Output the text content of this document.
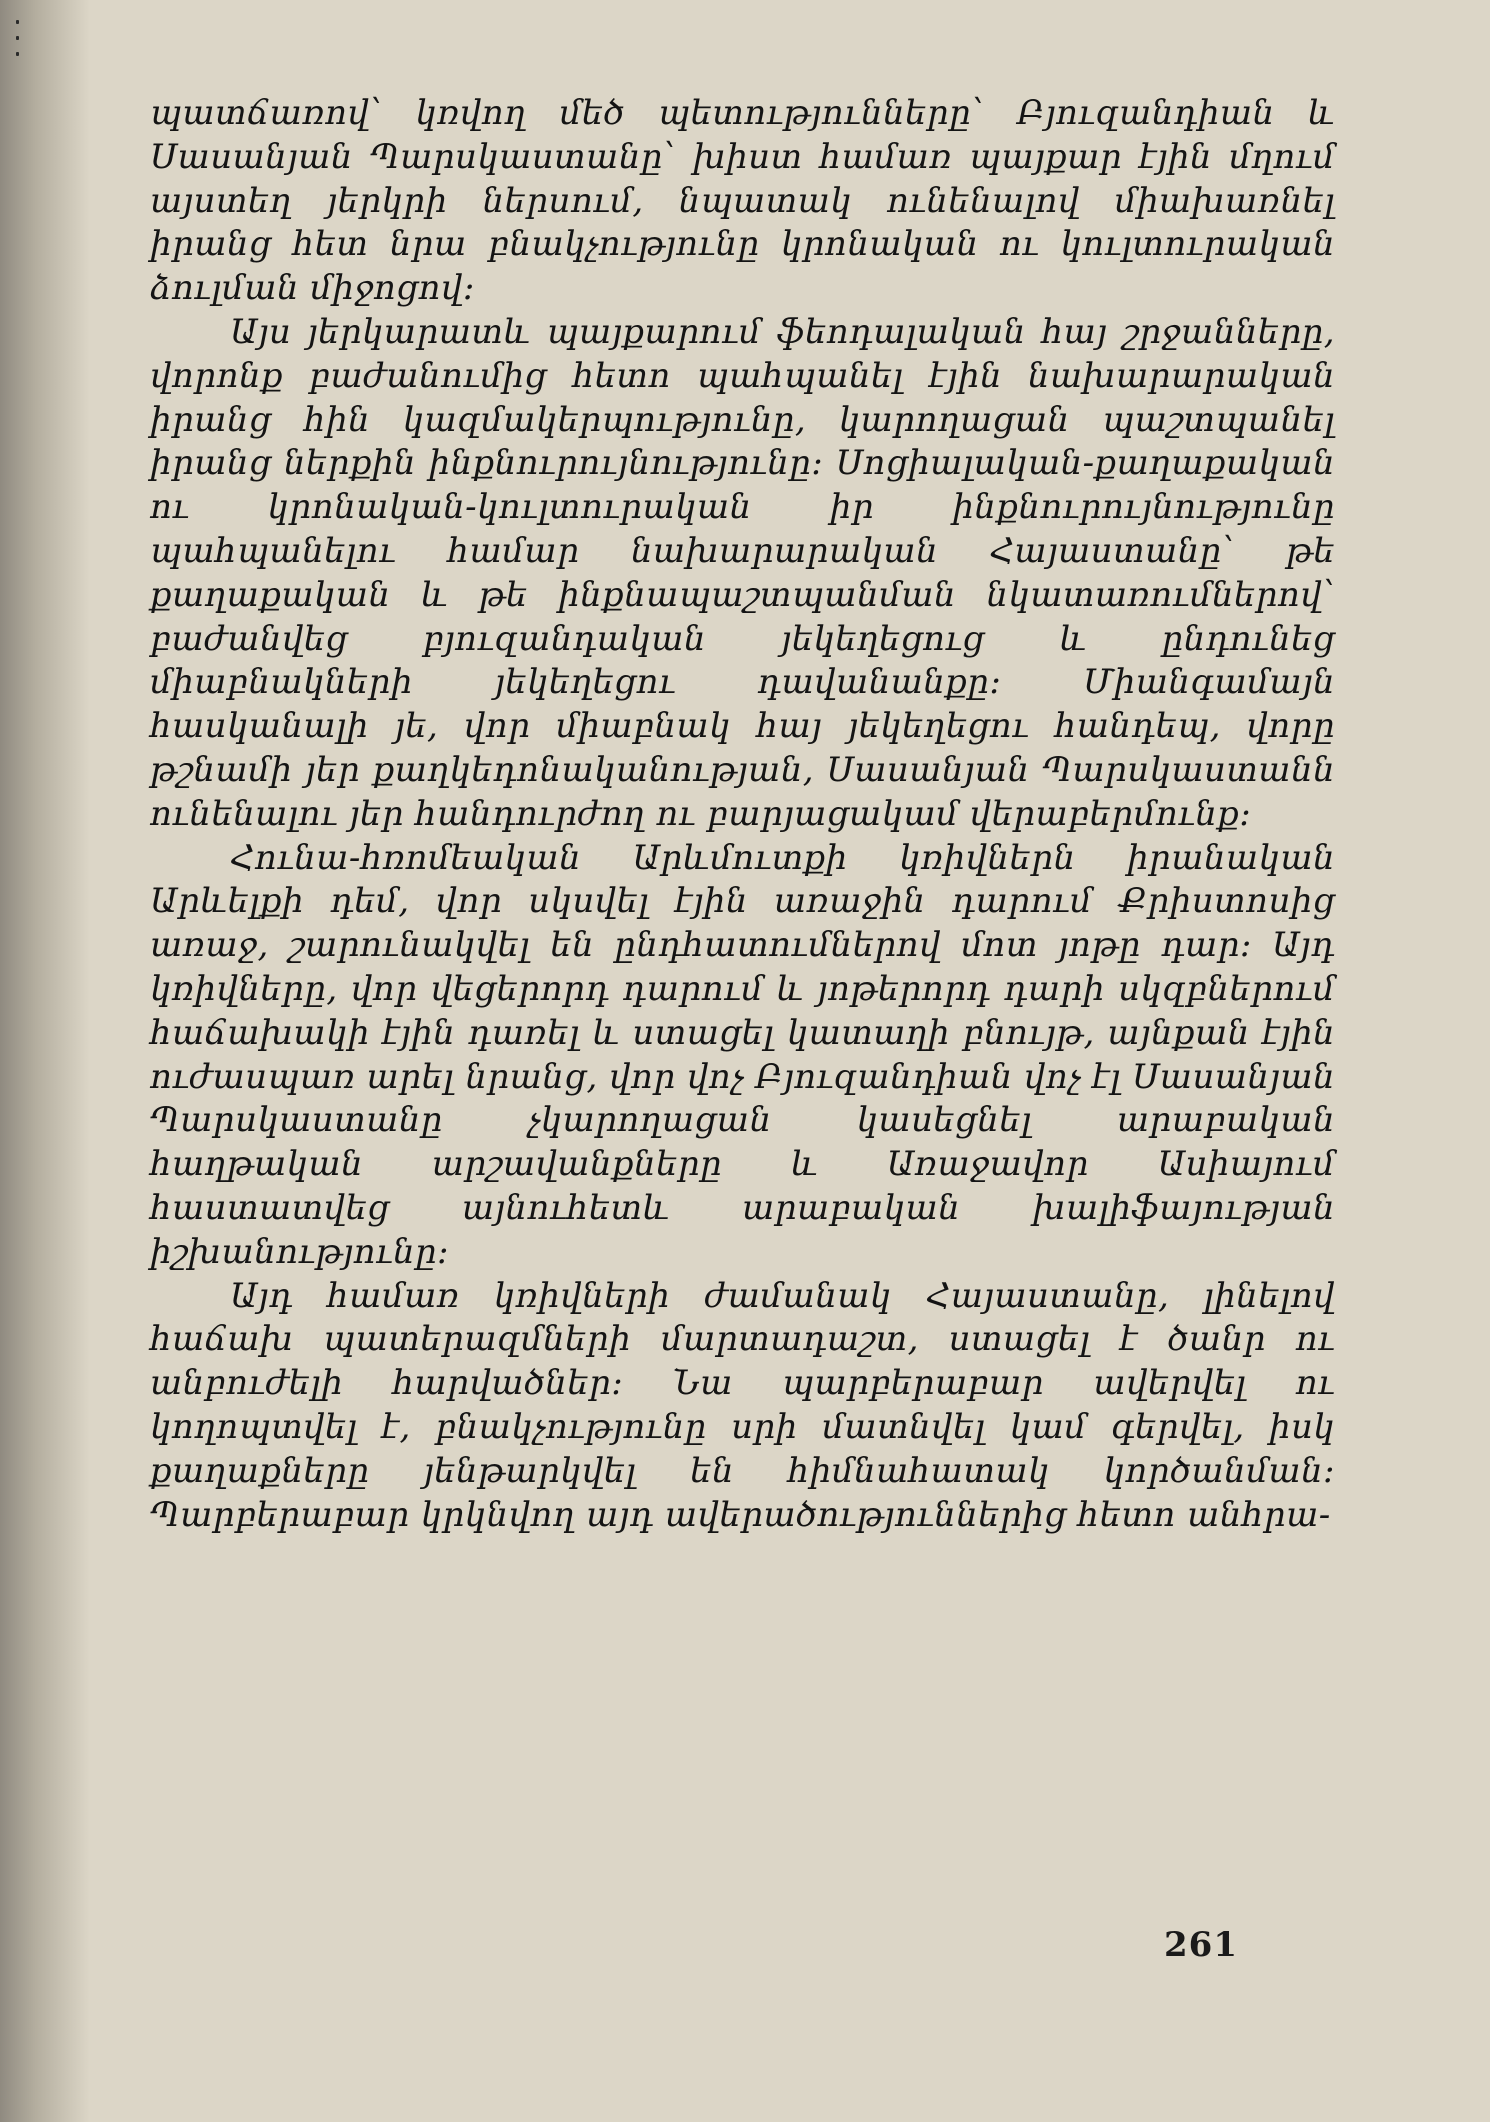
պատճառով՝ կռվող մեծ պետությունները՝ Բյուզանդիան և Սասանյան Պարսկաստանը՝ խիստ համառ պայքար էյին մղում այստեղ յերկրի ներսում, նպատակ ունենալով միախառնել իրանց հետ նրա բնակչությունը կրոնական ու կուլտուրական ձուլման միջոցով։

Այս յերկարատև պայքարում ֆեոդալական հայ շրջանները, վորոնք բաժանումից հետո պահպանել էյին նախարարական իրանց հին կազմակերպությունը, կարողացան պաշտպանել իրանց ներքին ինքնուրույնությունը։ Սոցիալական-քաղաքական ու կրոնական-կուլտուրական իր ինքնուրույնությունը պահպանելու համար նախարարական Հայաստանը՝ թե քաղաքական և թե ինքնապաշտպանման նկատառումներով՝ բաժանվեց բյուզանդական յեկեղեցուց և ընդունեց միաբնակների յեկեղեցու դավանանքը։ Միանգամայն հասկանալի յե, վոր միաբնակ հայ յեկեղեցու հանդեպ, վորը թշնամի յեր քաղկեդոնականության, Սասանյան Պարսկաստանն ունենալու յեր հանդուրժող ու բարյացակամ վերաբերմունք։

Հունա-հռոմեական Արևմուտքի կռիվներն իրանական Արևելքի դեմ, վոր սկսվել էյին առաջին դարում Քրիստոսից առաջ, շարունակվել են ընդհատումներով մոտ յոթը դար։ Այդ կռիվները, վոր վեցերորդ դարում և յոթերորդ դարի սկզբներում հաճախակի էյին դառել և ստացել կատաղի բնույթ, այնքան էյին ուժասպառ արել նրանց, վոր վոչ Բյուզանդիան վոչ էլ Սասանյան Պարսկաստանը չկարողացան կասեցնել արաբական հաղթական արշավանքները և Առաջավոր Ասիայում հաստատվեց այնուհետև արաբական խալիֆայության իշխանությունը։

Այդ համառ կռիվների ժամանակ Հայաստանը, լինելով հաճախ պատերազմների մարտադաշտ, ստացել է ծանր ու անբուժելի հարվածներ։ Նա պարբերաբար ավերվել ու կողոպտվել է, բնակչությունը սրի մատնվել կամ գերվել, իսկ քաղաքները յենթարկվել են հիմնահատակ կործանման։ Պարբերաբար կրկնվող այդ ավերածություններից հետո անհրա-

261
